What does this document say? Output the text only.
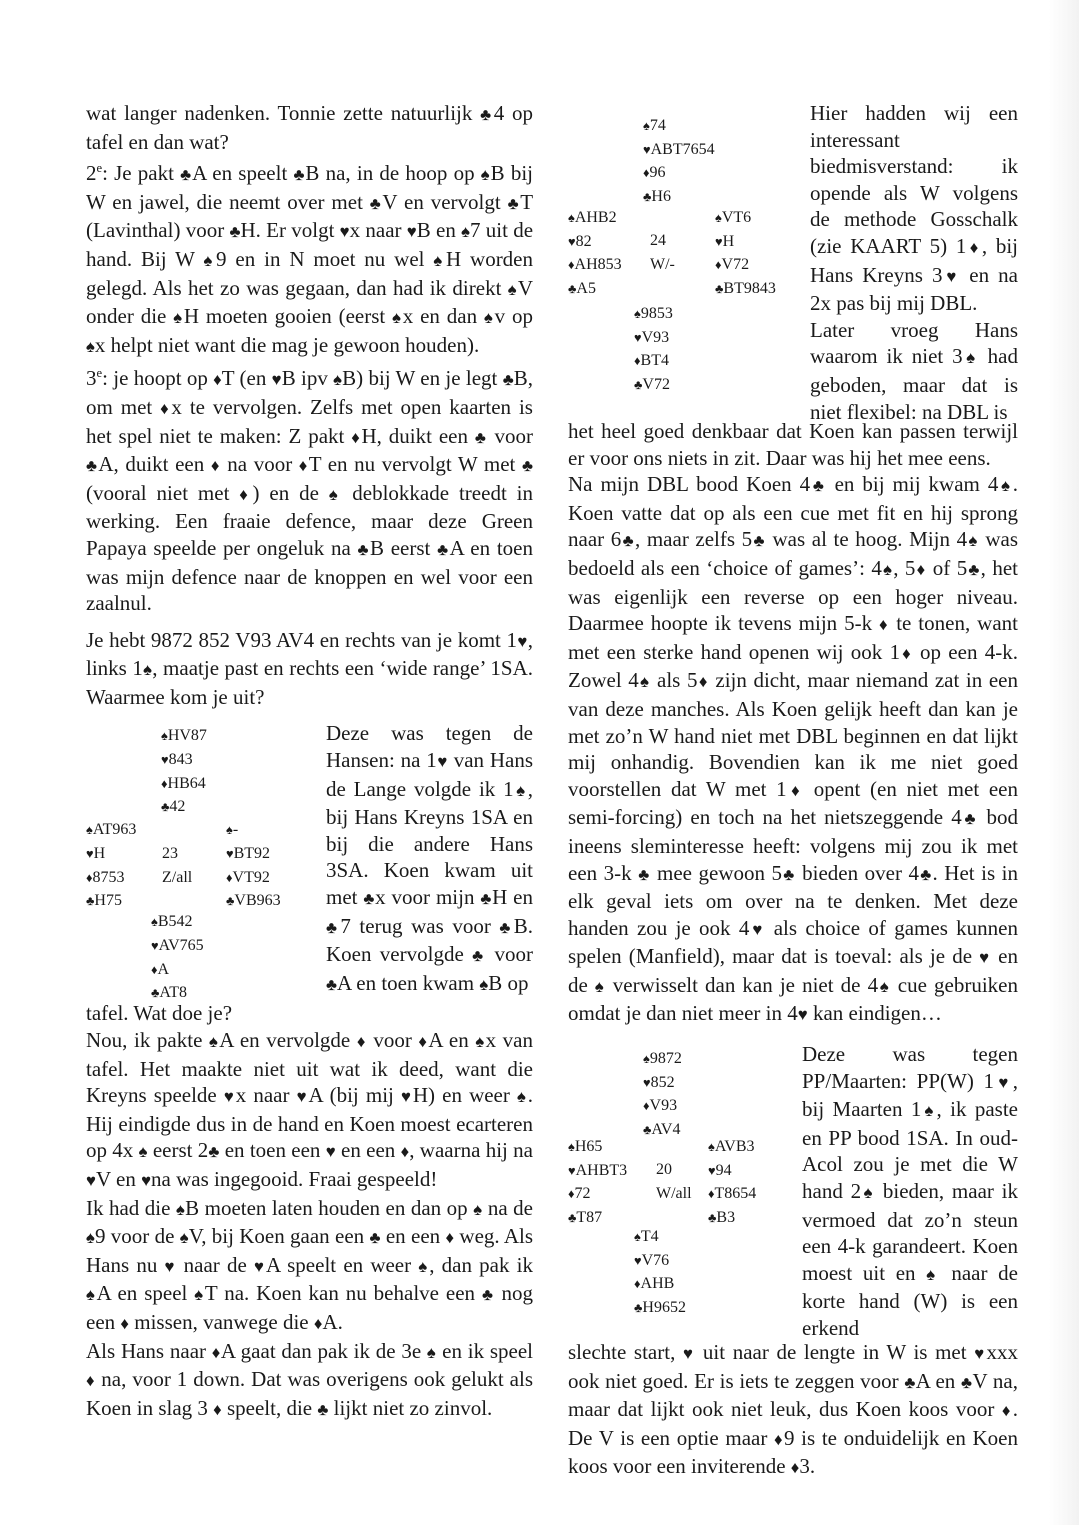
wat langer nadenken. Tonnie zette natuurlijk ♣4 op tafel en dan wat?

2e: Je pakt ♣A en speelt ♣B na, in de hoop op ♠B bij W en jawel, die neemt over met ♣V en vervolgt ♣T (Lavinthal) voor ♣H. Er volgt ♥x naar ♥B en ♠7 uit de hand. Bij W ♠9 en in N moet nu wel ♠H worden gelegd. Als het zo was gegaan, dan had ik direkt ♠V onder die ♠H moeten gooien (eerst ♠x en dan ♠v op ♠x helpt niet want die mag je gewoon houden).

3e: je hoopt op ♦T (en ♥B ipv ♠B) bij W en je legt ♣B, om met ♦x te vervolgen. Zelfs met open kaarten is het spel niet te maken: Z pakt ♦H, duikt een ♣ voor ♣A, duikt een ♦ na voor ♦T en nu vervolgt W met ♣ (vooral niet met ♦) en de ♠ deblokkade treedt in werking. Een fraaie defence, maar deze Green Papaya speelde per ongeluk na ♣B eerst ♣A en toen was mijn defence naar de knoppen en wel voor een zaalnul.

Je hebt 9872 852 V93 AV4 en rechts van je komt 1♥, links 1♠, maatje past en rechts een ‘wide range’ 1SA. Waarmee kom je uit?

♠HV87
♥843
♦HB64
♣42
♠AT963
♥H
♦8753
♣H75
23
Z/all
♠-
♥BT92
♦VT92
♣VB963
♠B542
♥AV765
♦A
♣AT8

Deze was tegen de Hansen: na 1♥ van Hans de Lange volgde ik 1♠, bij Hans Kreyns 1SA en bij die andere Hans 3SA. Koen kwam uit met ♣x voor mijn ♣H en ♣7 terug was voor ♣B. Koen vervolgde ♣ voor ♣A en toen kwam ♠B op

tafel. Wat doe je?

Nou, ik pakte ♠A en vervolgde ♦ voor ♦A en ♠x van tafel. Het maakte niet uit wat ik deed, want die Kreyns speelde ♥x naar ♥A (bij mij ♥H) en weer ♠. Hij eindigde dus in de hand en Koen moest ecarteren op 4x ♠ eerst 2♣ en toen een ♥ en een ♦, waarna hij na ♥V en ♥na was ingegooid. Fraai gespeeld!

Ik had die ♠B moeten laten houden en dan op ♠ na de ♠9 voor de ♠V, bij Koen gaan een ♣ en een ♦ weg. Als Hans nu ♥ naar de ♥A speelt en weer ♠, dan pak ik ♠A en speel ♠T na. Koen kan nu behalve een ♣ nog een ♦ missen, vanwege die ♦A.

Als Hans naar ♦A gaat dan pak ik de 3e ♠ en ik speel ♦ na, voor 1 down. Dat was overigens ook gelukt als Koen in slag 3 ♦ speelt, die ♣ lijkt niet zo zinvol.

♠74
♥ABT7654
♦96
♣H6
♠AHB2
♥82
♦AH853
♣A5
24
W/-
♠VT6
♥H
♦V72
♣BT9843
♠9853
♥V93
♦BT4
♣V72

Hier hadden wij een interessant biedmisverstand: ik opende als W volgens de methode Gosschalk (zie KAART 5) 1♦, bij Hans Kreyns 3♥ en na 2x pas bij mij DBL.

Later vroeg Hans waarom ik niet 3♠ had geboden, maar dat is niet flexibel: na DBL is

het heel goed denkbaar dat Koen kan passen terwijl er voor ons niets in zit. Daar was hij het mee eens.

Na mijn DBL bood Koen 4♣ en bij mij kwam 4♠. Koen vatte dat op als een cue met fit en hij sprong naar 6♣, maar zelfs 5♣ was al te hoog. Mijn 4♠ was bedoeld als een ‘choice of games’: 4♠, 5♦ of 5♣, het was eigenlijk een reverse op een hoger niveau. Daarmee hoopte ik tevens mijn 5-k ♦ te tonen, want met een sterke hand openen wij ook 1♦ op een 4-k. Zowel 4♠ als 5♦ zijn dicht, maar niemand zat in een van deze manches. Als Koen gelijk heeft dan kan je met zo’n W hand niet met DBL beginnen en dat lijkt mij onhandig. Bovendien kan ik me niet goed voorstellen dat W met 1♦ opent (en niet met een semi-forcing) en toch na het nietszeggende 4♣ bod ineens sleminteresse heeft: volgens mij zou ik met een 3-k ♣ mee gewoon 5♣ bieden over 4♣. Het is in elk geval iets om over na te denken. Met deze handen zou je ook 4♥ als choice of games kunnen spelen (Manfield), maar dat is toeval: als je de ♥ en de ♠ verwisselt dan kan je niet de 4♠ cue gebruiken omdat je dan niet meer in 4♥ kan eindigen…

♠9872
♥852
♦V93
♣AV4
♠H65
♥AHBT3
♦72
♣T87
20
W/all
♠AVB3
♥94
♦T8654
♣B3
♠T4
♥V76
♦AHB
♣H9652

Deze was tegen PP/Maarten: PP(W) 1♥, bij Maarten 1♠, ik paste en PP bood 1SA. In oud-Acol zou je met die W hand 2♠ bieden, maar ik vermoed dat zo’n steun een 4-k garandeert. Koen moest uit en ♠ naar de korte hand (W) is een erkend

slechte start, ♥ uit naar de lengte in W is met ♥xxx ook niet goed. Er is iets te zeggen voor ♣A en ♣V na, maar dat lijkt ook niet leuk, dus Koen koos voor ♦. De V is een optie maar ♦9 is te onduidelijk en Koen koos voor een inviterende ♦3.
